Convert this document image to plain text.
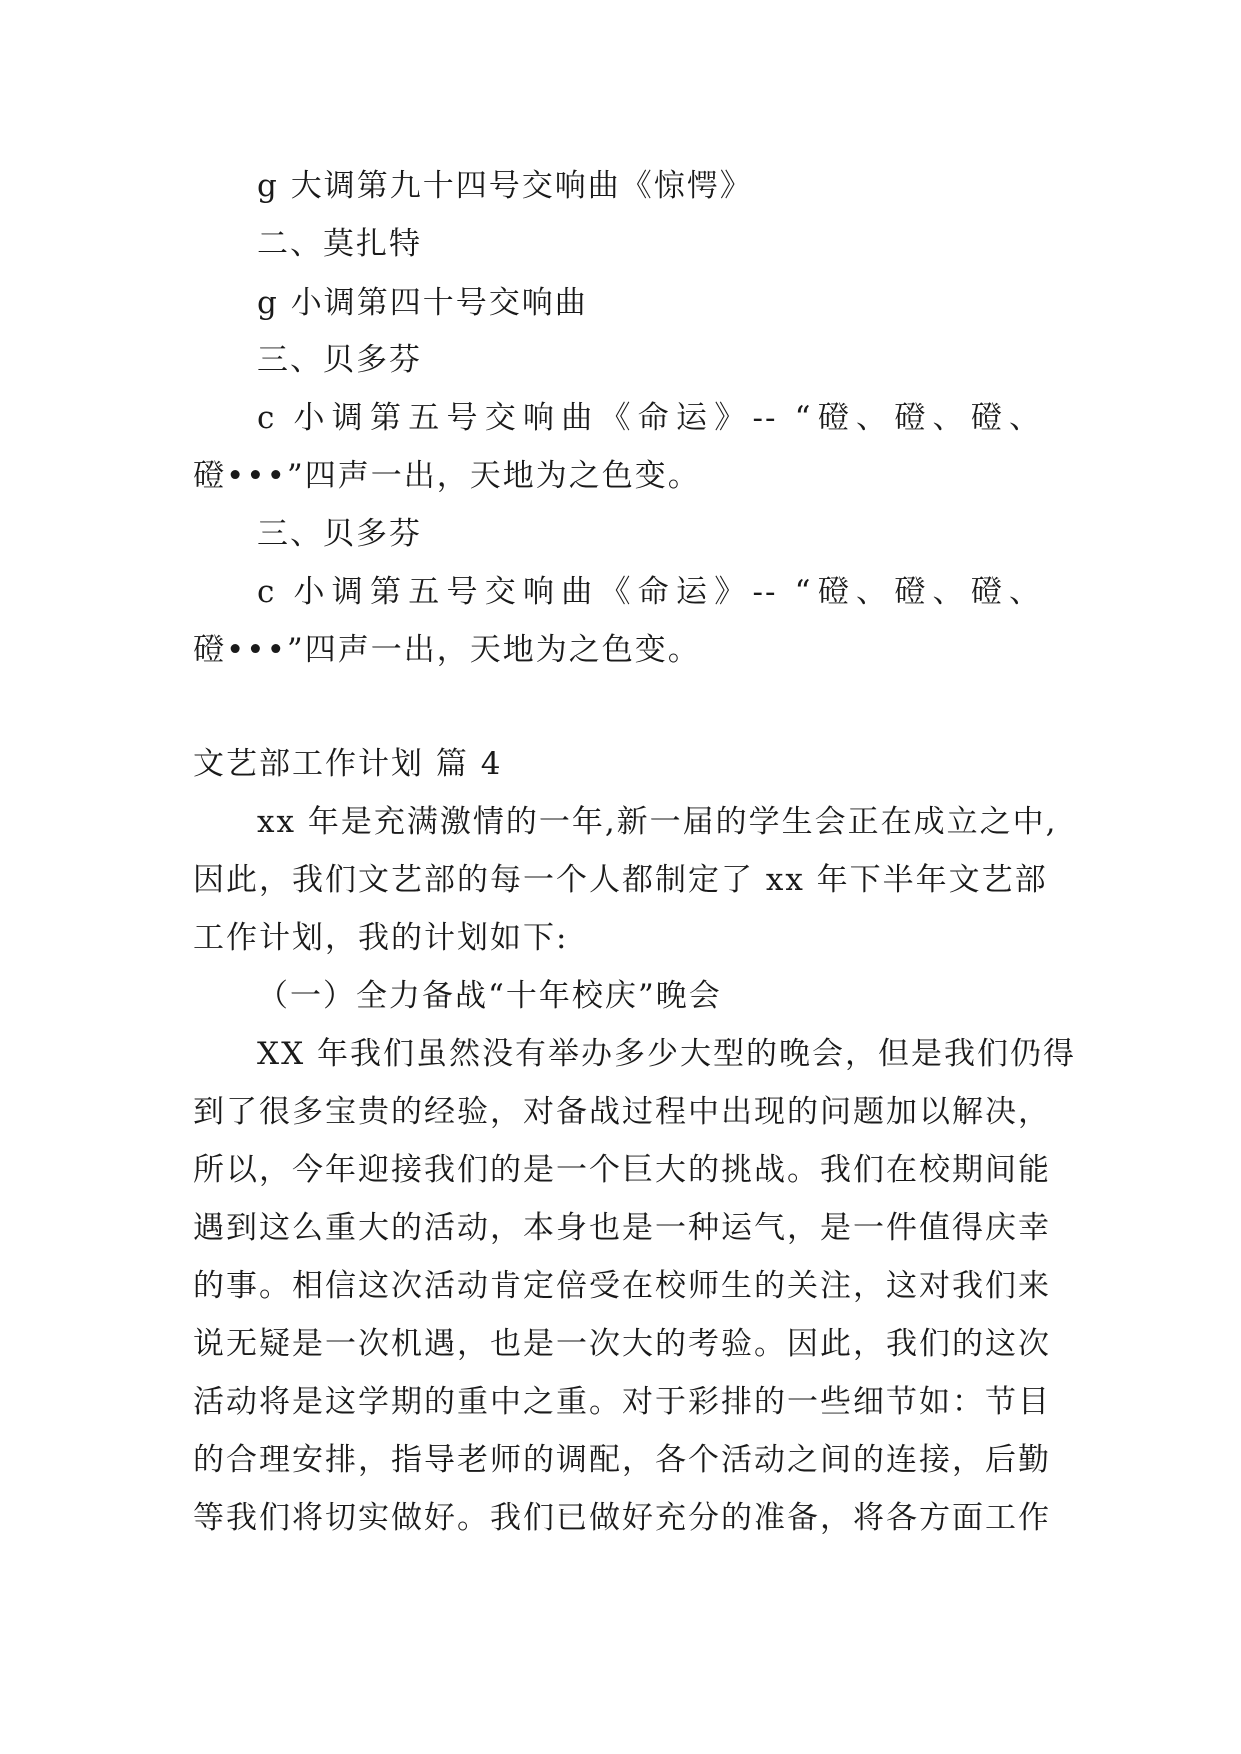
g 大调第九十四号交响曲《惊愕》
二、莫扎特
g 小调第四十号交响曲
三、贝多芬
c 小调第五号交响曲《命运》-- “磴、磴、磴、
磴•••”四声一出，天地为之色变。
三、贝多芬
c 小调第五号交响曲《命运》-- “磴、磴、磴、
磴•••”四声一出，天地为之色变。
文艺部工作计划 篇 4
xx 年是充满激情的一年,新一届的学生会正在成立之中,
因此，我们文艺部的每一个人都制定了 xx 年下半年文艺部
工作计划，我的计划如下:
（一）全力备战“十年校庆”晚会
XX 年我们虽然没有举办多少大型的晚会，但是我们仍得
到了很多宝贵的经验，对备战过程中出现的问题加以解决，
所以，今年迎接我们的是一个巨大的挑战。我们在校期间能
遇到这么重大的活动，本身也是一种运气，是一件值得庆幸
的事。相信这次活动肯定倍受在校师生的关注，这对我们来
说无疑是一次机遇，也是一次大的考验。因此，我们的这次
活动将是这学期的重中之重。对于彩排的一些细节如：节目
的合理安排，指导老师的调配，各个活动之间的连接，后勤
等我们将切实做好。我们已做好充分的准备，将各方面工作
